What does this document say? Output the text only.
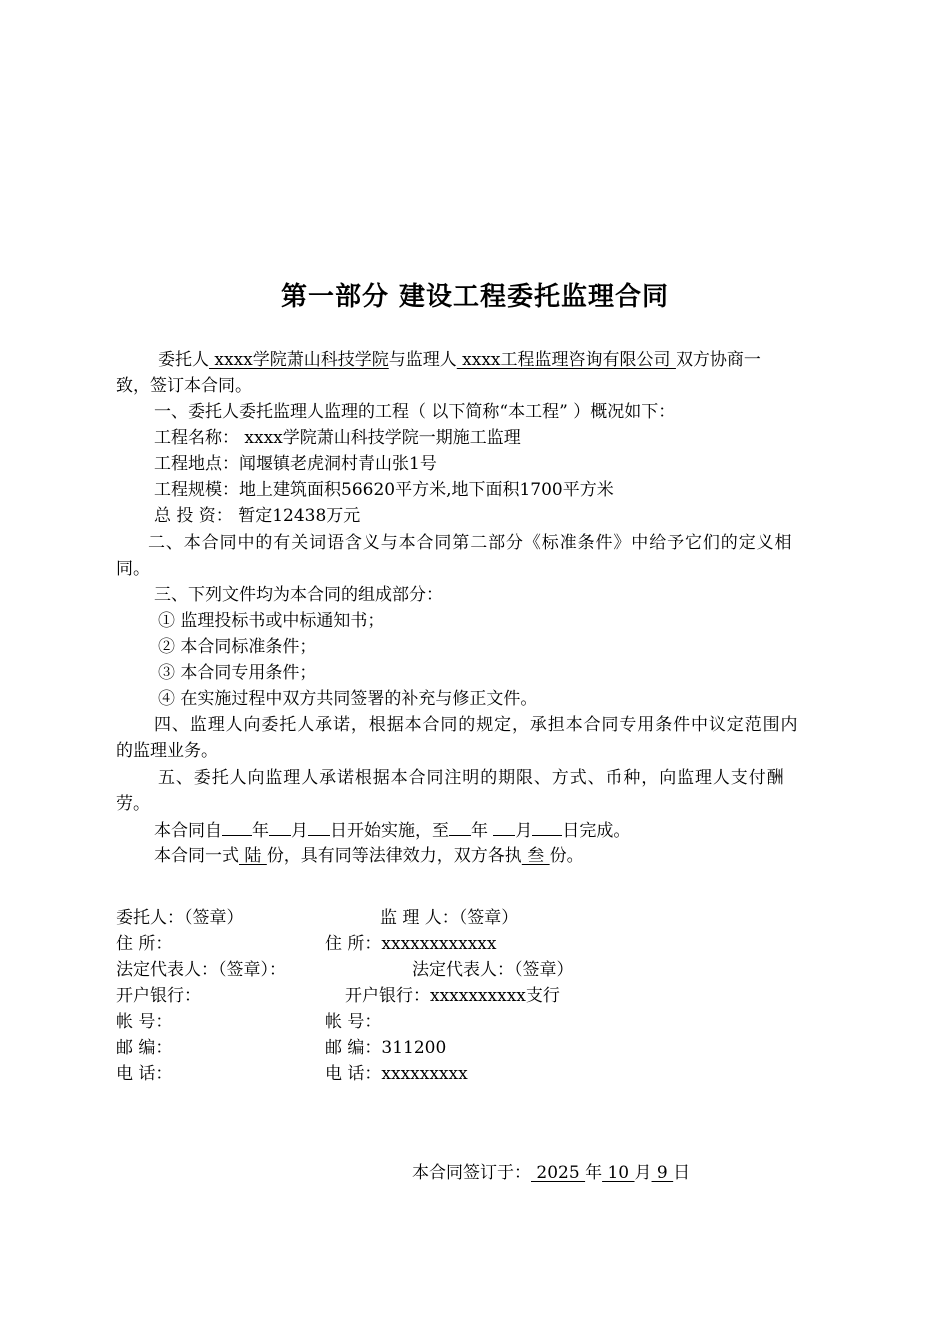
第一部分 建设工程委托监理合同
委托人 xxxx学院萧山科技学院与监理人 xxxx工程监理咨询有限公司 双方协商一
致，签订本合同。
一、委托人委托监理人监理的工程（ 以下简称“本工程” ）概况如下：
工程名称： xxxx学院萧山科技学院一期施工监理
工程地点：闻堰镇老虎洞村青山张1号
工程规模：地上建筑面积56620平方米,地下面积1700平方米
总 投 资： 暂定12438万元
二、本合同中的有关词语含义与本合同第二部分《标准条件》中给予它们的定义相
同。
三、下列文件均为本合同的组成部分：
① 监理投标书或中标通知书；
② 本合同标准条件；
③ 本合同专用条件；
④ 在实施过程中双方共同签署的补充与修正文件。
四、监理人向委托人承诺，根据本合同的规定，承担本合同专用条件中议定范围内
的监理业务。
五、委托人向监理人承诺根据本合同注明的期限、方式、币种，向监理人支付酬
劳。
本合同自 年 月 日开始实施，至 年 月 日完成。
本合同一式 陆 份，具有同等法律效力，双方各执 叁 份。
委托人：（签章）	监 理 人：（签章）
住 所：	住 所：xxxxxxxxxxxx
法定代表人：（签章）：	法定代表人：（签章）
开户银行：	开户银行：xxxxxxxxxx支行
帐 号：	帐 号：
邮 编：	邮 编：311200
电 话：	电 话：xxxxxxxxx
本合同签订于： 2025 年 10 月 9 日
